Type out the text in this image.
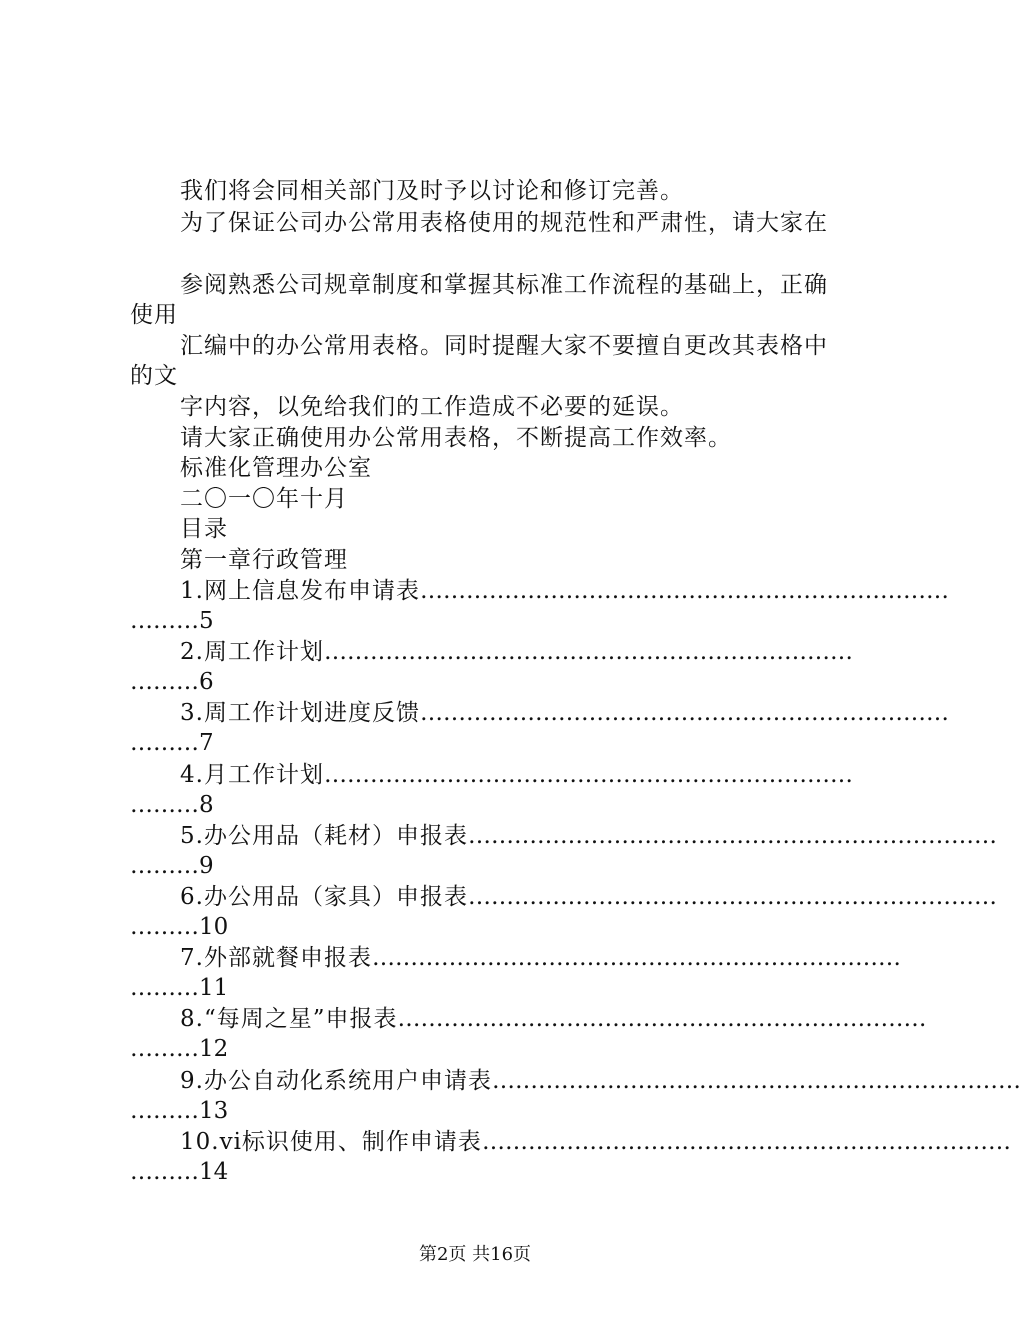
我们将会同相关部门及时予以讨论和修订完善。
为了保证公司办公常用表格使用的规范性和严肃性，请大家在
参阅熟悉公司规章制度和掌握其标准工作流程的基础上，正确使用
汇编中的办公常用表格。同时提醒大家不要擅自更改其表格中的文
字内容，以免给我们的工作造成不必要的延误。
请大家正确使用办公常用表格，不断提高工作效率。
标准化管理办公室
二〇一〇年十月
目录
第一章行政管理
1.网上信息发布申请表 ……………………………………………………………
………5
2.周工作计划 ……………………………………………………………
………6
3.周工作计划进度反馈 ……………………………………………………………
………7
4.月工作计划 ……………………………………………………………
………8
5.办公用品（耗材）申报表 ……………………………………………………………
………9
6.办公用品（家具）申报表 ……………………………………………………………
………10
7.外部就餐申报表 ……………………………………………………………
………11
8.“每周之星”申报表 ……………………………………………………………
………12
9.办公自动化系统用户申请表 ……………………………………………………………
………13
10.vi标识使用、制作申请表 ……………………………………………………………
………14
第2页 共16页
